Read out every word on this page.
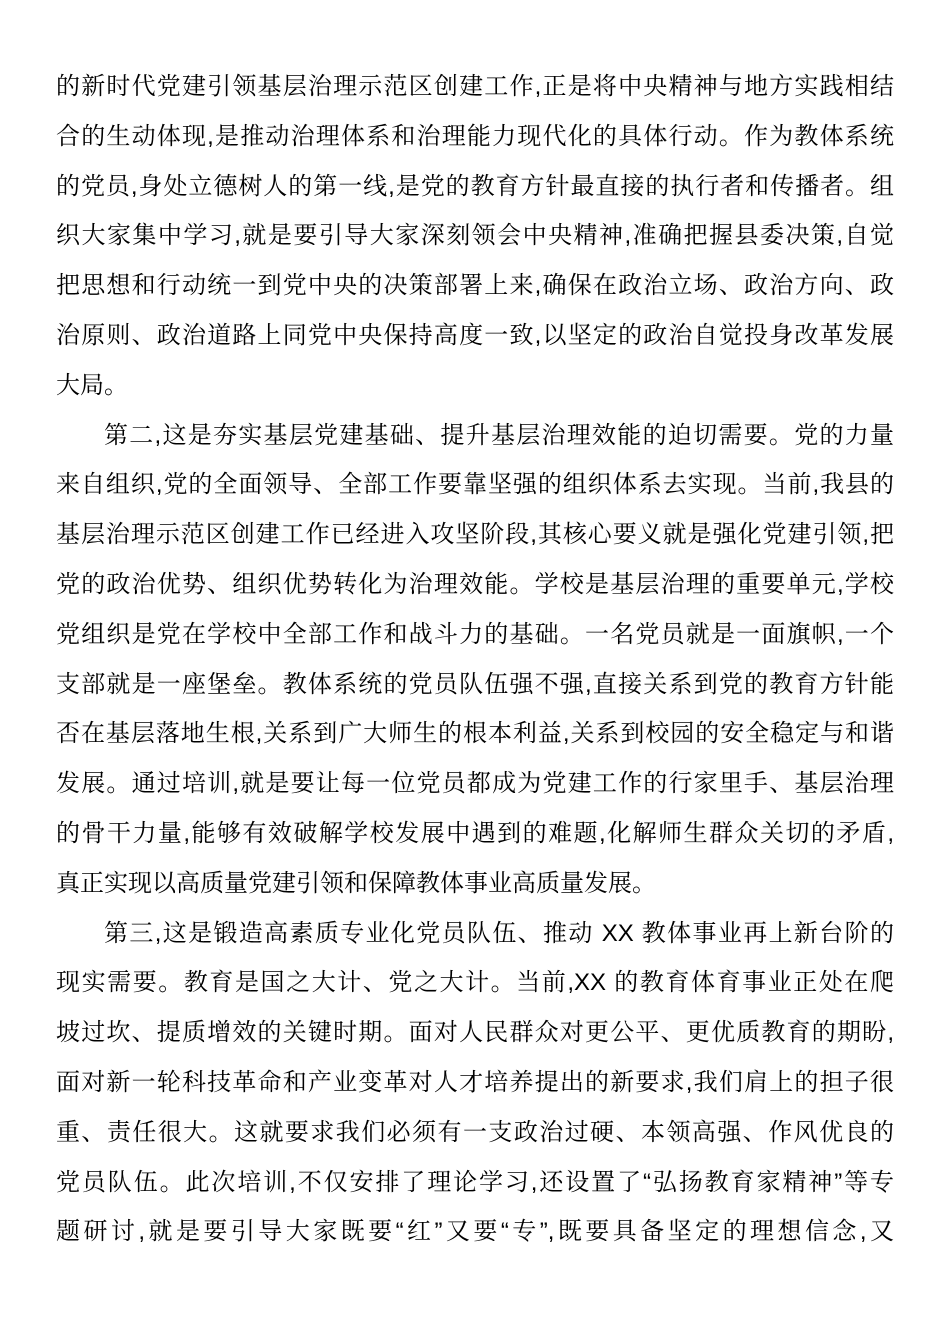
的新时代党建引领基层治理示范区创建工作,正是将中央精神与地方实践相结
合的生动体现,是推动治理体系和治理能力现代化的具体行动。作为教体系统
的党员,身处立德树人的第一线,是党的教育方针最直接的执行者和传播者。组
织大家集中学习,就是要引导大家深刻领会中央精神,准确把握县委决策,自觉
把思想和行动统一到党中央的决策部署上来,确保在政治立场、政治方向、政
治原则、政治道路上同党中央保持高度一致,以坚定的政治自觉投身改革发展
大局。
第二,这是夯实基层党建基础、提升基层治理效能的迫切需要。党的力量
来自组织,党的全面领导、全部工作要靠坚强的组织体系去实现。当前,我县的
基层治理示范区创建工作已经进入攻坚阶段,其核心要义就是强化党建引领,把
党的政治优势、组织优势转化为治理效能。学校是基层治理的重要单元,学校
党组织是党在学校中全部工作和战斗力的基础。一名党员就是一面旗帜,一个
支部就是一座堡垒。教体系统的党员队伍强不强,直接关系到党的教育方针能
否在基层落地生根,关系到广大师生的根本利益,关系到校园的安全稳定与和谐
发展。通过培训,就是要让每一位党员都成为党建工作的行家里手、基层治理
的骨干力量,能够有效破解学校发展中遇到的难题,化解师生群众关切的矛盾,
真正实现以高质量党建引领和保障教体事业高质量发展。
第三,这是锻造高素质专业化党员队伍、推动 XX 教体事业再上新台阶的
现实需要。教育是国之大计、党之大计。当前,XX 的教育体育事业正处在爬
坡过坎、提质增效的关键时期。面对人民群众对更公平、更优质教育的期盼,
面对新一轮科技革命和产业变革对人才培养提出的新要求,我们肩上的担子很
重、责任很大。这就要求我们必须有一支政治过硬、本领高强、作风优良的
党员队伍。此次培训,不仅安排了理论学习,还设置了“弘扬教育家精神”等专
题研讨,就是要引导大家既要“红”又要“专”,既要具备坚定的理想信念,又
